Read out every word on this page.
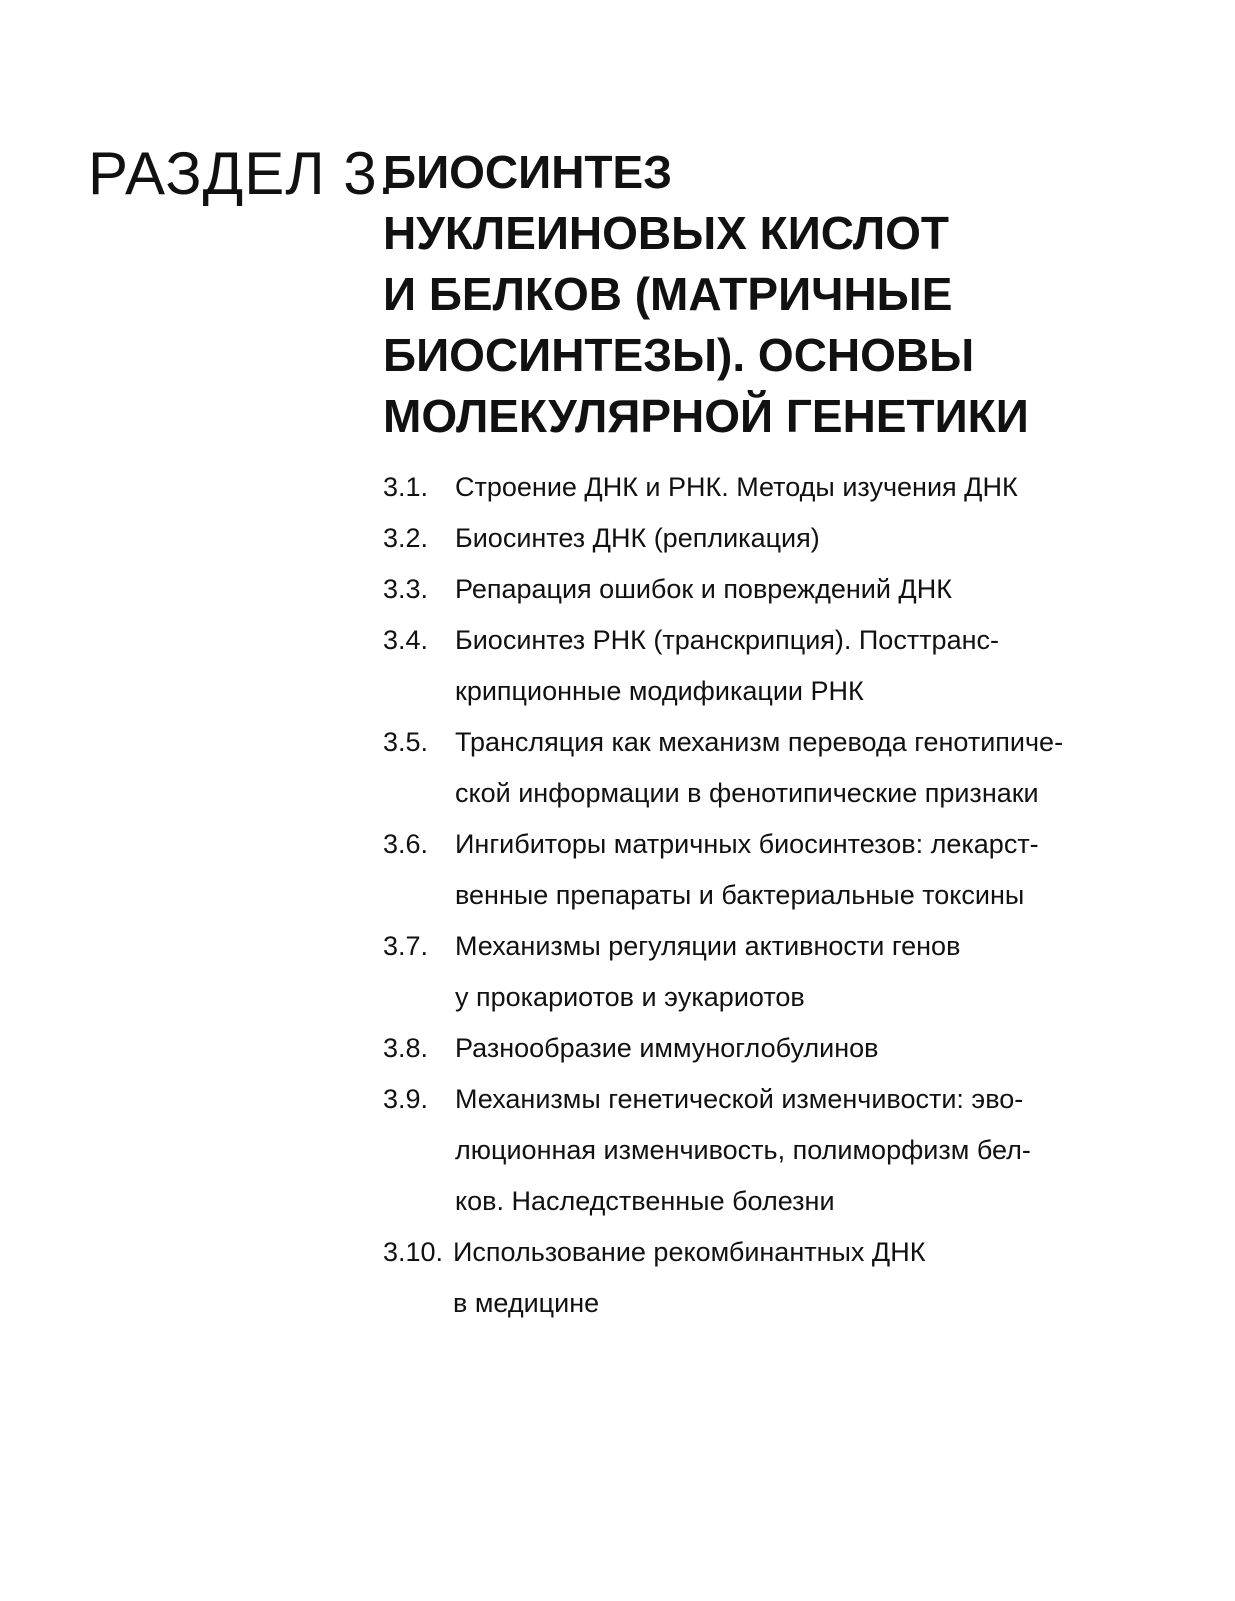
РАЗДЕЛ 3.
БИОСИНТЕЗ
НУКЛЕИНОВЫХ КИСЛОТ
И БЕЛКОВ (МАТРИЧНЫЕ
БИОСИНТЕЗЫ). ОСНОВЫ
МОЛЕКУЛЯРНОЙ ГЕНЕТИКИ
3.1. Строение ДНК и РНК. Методы изучения ДНК
3.2. Биосинтез ДНК (репликация)
3.3. Репарация ошибок и повреждений ДНК
3.4. Биосинтез РНК (транскрипция). Посттранс-
крипционные модификации РНК
3.5. Трансляция как механизм перевода генотипиче-
ской информации в фенотипические признаки
3.6. Ингибиторы матричных биосинтезов: лекарст-
венные препараты и бактериальные токсины
3.7. Механизмы регуляции активности генов
у прокариотов и эукариотов
3.8. Разнообразие иммуноглобулинов
3.9. Механизмы генетической изменчивости: эво-
люционная изменчивость, полиморфизм бел-
ков. Наследственные болезни
3.10. Использование рекомбинантных ДНК
в медицине
